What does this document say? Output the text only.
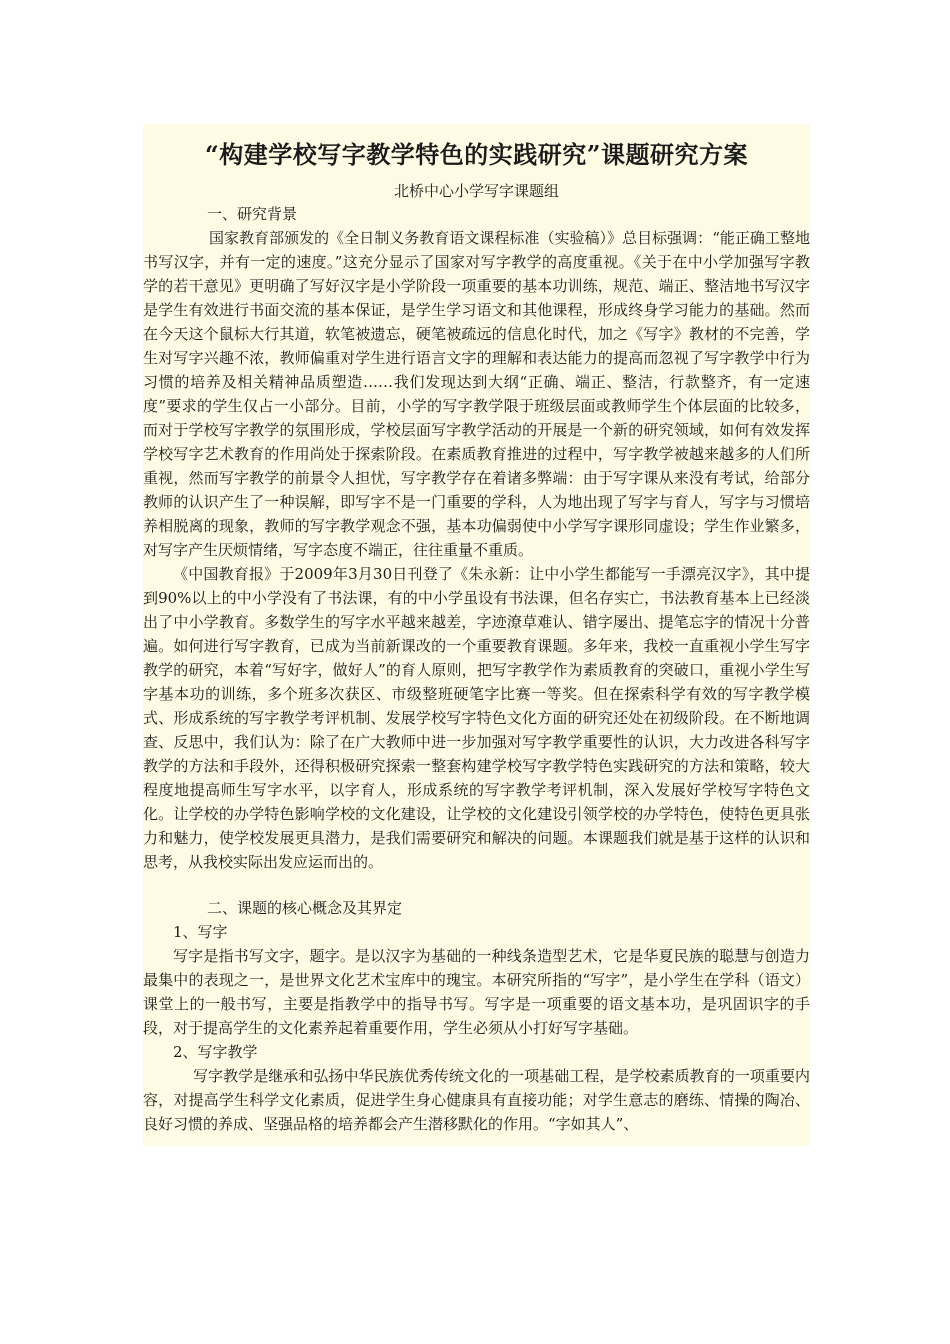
“构建学校写字教学特色的实践研究”课题研究方案
北桥中心小学写字课题组

一、研究背景

国家教育部颁发的《全日制义务教育语文课程标准（实验稿）》总目标强调：“能正确工整地书写汉字，并有一定的速度。”这充分显示了国家对写字教学的高度重视。《关于在中小学加强写字教学的若干意见》更明确了写好汉字是小学阶段一项重要的基本功训练，规范、端正、整洁地书写汉字是学生有效进行书面交流的基本保证，是学生学习语文和其他课程，形成终身学习能力的基础。然而在今天这个鼠标大行其道，软笔被遗忘，硬笔被疏远的信息化时代，加之《写字》教材的不完善，学生对写字兴趣不浓，教师偏重对学生进行语言文字的理解和表达能力的提高而忽视了写字教学中行为习惯的培养及相关精神品质塑造……我们发现达到大纲“正确、端正、整洁，行款整齐，有一定速度”要求的学生仅占一小部分。目前，小学的写字教学限于班级层面或教师学生个体层面的比较多，而对于学校写字教学的氛围形成，学校层面写字教学活动的开展是一个新的研究领域，如何有效发挥学校写字艺术教育的作用尚处于探索阶段。在素质教育推进的过程中，写字教学被越来越多的人们所重视，然而写字教学的前景令人担忧，写字教学存在着诸多弊端：由于写字课从来没有考试，给部分教师的认识产生了一种误解，即写字不是一门重要的学科，人为地出现了写字与育人，写字与习惯培养相脱离的现象，教师的写字教学观念不强，基本功偏弱使中小学写字课形同虚设；学生作业繁多，对写字产生厌烦情绪，写字态度不端正，往往重量不重质。

《中国教育报》于2009年3月30日刊登了《朱永新：让中小学生都能写一手漂亮汉字》，其中提到90%以上的中小学没有了书法课，有的中小学虽设有书法课，但名存实亡，书法教育基本上已经淡出了中小学教育。多数学生的写字水平越来越差，字迹潦草难认、错字屡出、提笔忘字的情况十分普遍。如何进行写字教育，已成为当前新课改的一个重要教育课题。多年来，我校一直重视小学生写字教学的研究，本着“写好字，做好人”的育人原则，把写字教学作为素质教育的突破口，重视小学生写字基本功的训练，多个班多次获区、市级整班硬笔字比赛一等奖。但在探索科学有效的写字教学模式、形成系统的写字教学考评机制、发展学校写字特色文化方面的研究还处在初级阶段。在不断地调查、反思中，我们认为：除了在广大教师中进一步加强对写字教学重要性的认识，大力改进各科写字教学的方法和手段外，还得积极研究探索一整套构建学校写字教学特色实践研究的方法和策略，较大程度地提高师生写字水平，以字育人，形成系统的写字教学考评机制，深入发展好学校写字特色文化。让学校的办学特色影响学校的文化建设，让学校的文化建设引领学校的办学特色，使特色更具张力和魅力，使学校发展更具潜力，是我们需要研究和解决的问题。本课题我们就是基于这样的认识和思考，从我校实际出发应运而出的。

二、课题的核心概念及其界定

1、写字

写字是指书写文字，题字。是以汉字为基础的一种线条造型艺术，它是华夏民族的聪慧与创造力最集中的表现之一，是世界文化艺术宝库中的瑰宝。本研究所指的“写字”，是小学生在学科（语文）课堂上的一般书写，主要是指教学中的指导书写。写字是一项重要的语文基本功，是巩固识字的手段，对于提高学生的文化素养起着重要作用，学生必须从小打好写字基础。

2、写字教学

写字教学是继承和弘扬中华民族优秀传统文化的一项基础工程，是学校素质教育的一项重要内容，对提高学生科学文化素质，促进学生身心健康具有直接功能；对学生意志的磨练、情操的陶冶、良好习惯的养成、坚强品格的培养都会产生潜移默化的作用。“字如其人”、
